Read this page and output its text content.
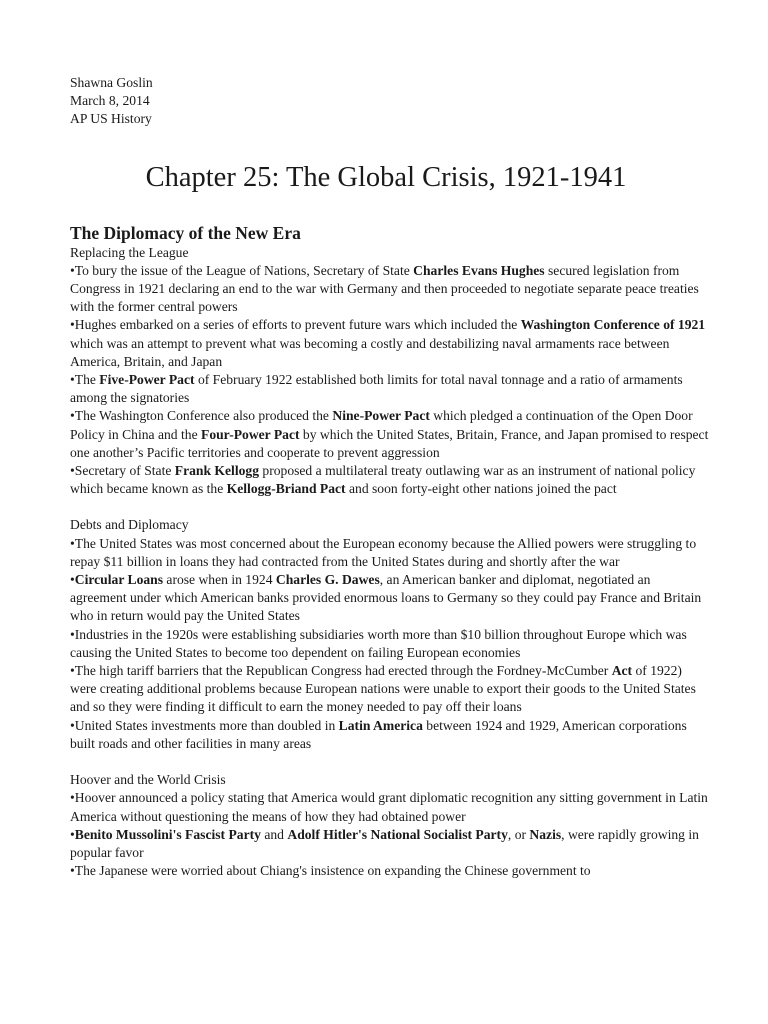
Shawna Goslin
March 8, 2014
AP US History
Chapter 25: The Global Crisis, 1921-1941
The Diplomacy of the New Era
Replacing the League
•To bury the issue of the League of Nations, Secretary of State Charles Evans Hughes secured legislation from Congress in 1921 declaring an end to the war with Germany and then proceeded to negotiate separate peace treaties with the former central powers
•Hughes embarked on a series of efforts to prevent future wars which included the Washington Conference of 1921 which was an attempt to prevent what was becoming a costly and destabilizing naval armaments race between America, Britain, and Japan
•The Five-Power Pact of February 1922 established both limits for total naval tonnage and a ratio of armaments among the signatories
•The Washington Conference also produced the Nine-Power Pact which pledged a continuation of the Open Door Policy in China and the Four-Power Pact by which the United States, Britain, France, and Japan promised to respect one another’s Pacific territories and cooperate to prevent aggression
•Secretary of State Frank Kellogg proposed a multilateral treaty outlawing war as an instrument of national policy which became known as the Kellogg-Briand Pact and soon forty-eight other nations joined the pact
Debts and Diplomacy
•The United States was most concerned about the European economy because the Allied powers were struggling to repay $11 billion in loans they had contracted from the United States during and shortly after the war
•Circular Loans arose when in 1924 Charles G. Dawes, an American banker and diplomat, negotiated an agreement under which American banks provided enormous loans to Germany so they could pay France and Britain who in return would pay the United States
•Industries in the 1920s were establishing subsidiaries worth more than $10 billion throughout Europe which was causing the United States to become too dependent on failing European economies
•The high tariff barriers that the Republican Congress had erected through the Fordney-McCumber Act of 1922) were creating additional problems because European nations were unable to export their goods to the United States and so they were finding it difficult to earn the money needed to pay off their loans
•United States investments more than doubled in Latin America between 1924 and 1929, American corporations built roads and other facilities in many areas
Hoover and the World Crisis
•Hoover announced a policy stating that America would grant diplomatic recognition any sitting government in Latin America without questioning the means of how they had obtained power
•Benito Mussolini's Fascist Party and Adolf Hitler's National Socialist Party, or Nazis, were rapidly growing in popular favor
•The Japanese were worried about Chiang's insistence on expanding the Chinese government to
